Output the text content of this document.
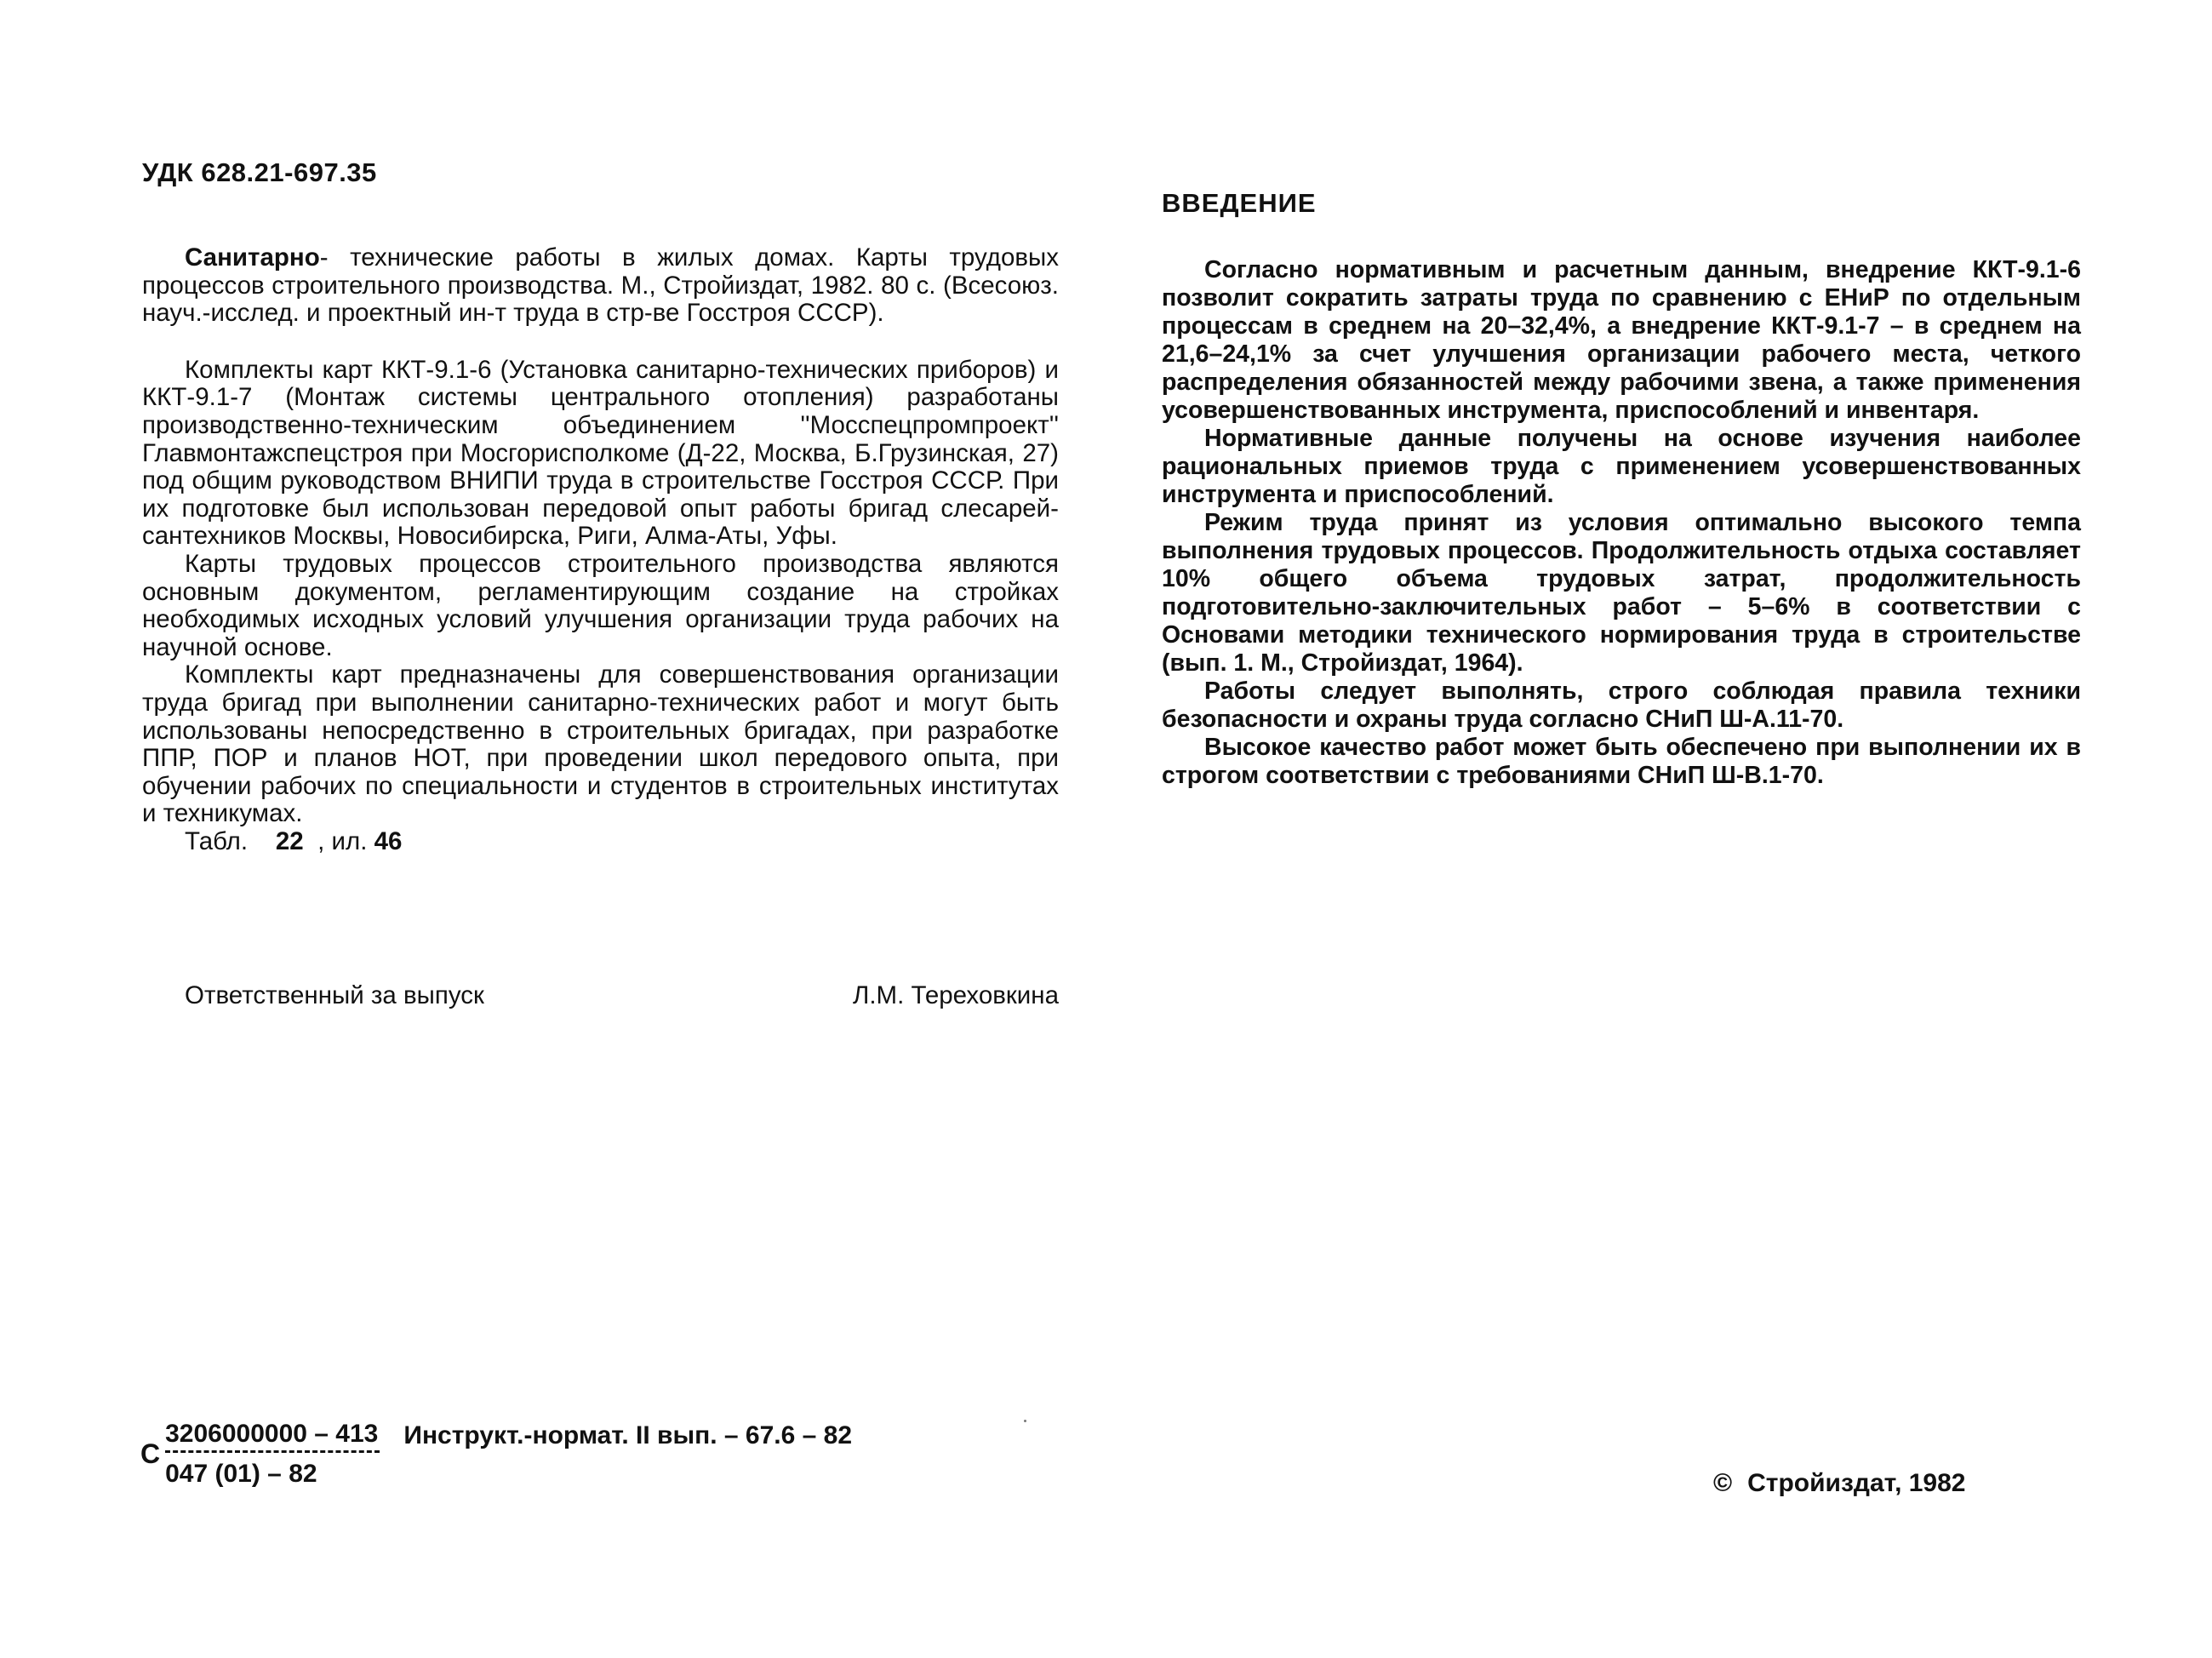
УДК 628.21-697.35

Санитарно- технические работы в жилых домах. Карты трудовых процессов строительного производства. М., Стройиздат, 1982. 80 с. (Всесоюз. науч.-исслед. и проектный ин-т труда в стр-ве Госстроя СССР).

Комплекты карт ККТ-9.1-6 (Установка санитарно-технических приборов) и ККТ-9.1-7 (Монтаж системы центрального отопления) разработаны производственно-техническим объединением ''Мосспецпромпроект'' Главмонтажспецстроя при Мосгорисполкоме (Д-22, Москва, Б.Грузинская, 27) под общим руководством ВНИПИ труда в строительстве Госстроя СССР. При их подготовке был использован передовой опыт работы бригад слесарей-сантехников Москвы, Новосибирска, Риги, Алма-Аты, Уфы.

Карты трудовых процессов строительного производства являются основным документом, регламентирующим создание на стройках необходимых исходных условий улучшения организации труда рабочих на научной основе.

Комплекты карт предназначены для совершенствования организации труда бригад при выполнении санитарно-технических работ и могут быть использованы непосредственно в строительных бригадах, при разработке ППР, ПОР и планов НОТ, при проведении школ передового опыта, при обучении рабочих по специальности и студентов в строительных институтах и техникумах.

Табл. 22 , ил. 46

Ответственный за выпуск	Л.М. Тереховкина
ВВЕДЕНИЕ

Согласно нормативным и расчетным данным, внедрение ККТ-9.1-6 позволит сократить затраты труда по сравнению с ЕНиР по отдельным процессам в среднем на 20–32,4%, а внедрение ККТ-9.1-7 – в среднем на 21,6–24,1% за счет улучшения организации рабочего места, четкого распределения обязанностей между рабочими звена, а также применения усовершенствованных инструмента, приспособлений и инвентаря.

Нормативные данные получены на основе изучения наиболее рациональных приемов труда с применением усовершенствованных инструмента и приспособлений.

Режим труда принят из условия оптимально высокого темпа выполнения трудовых процессов. Продолжительность отдыха составляет 10% общего объема трудовых затрат, продолжительность подготовительно-заключительных работ – 5–6% в соответствии с Основами методики технического нормирования труда в строительстве (вып. 1. М., Стройиздат, 1964).

Работы следует выполнять, строго соблюдая правила техники безопасности и охраны труда согласно СНиП Ш-А.11-70.

Высокое качество работ может быть обеспечено при выполнении их в строгом соответствии с требованиями СНиП Ш-В.1-70.

С $\frac{3206000000 - 413}{047 (01) - 82}$ Инструкт.-нормат. II вып. – 67.6 – 82
© Стройиздат, 1982
